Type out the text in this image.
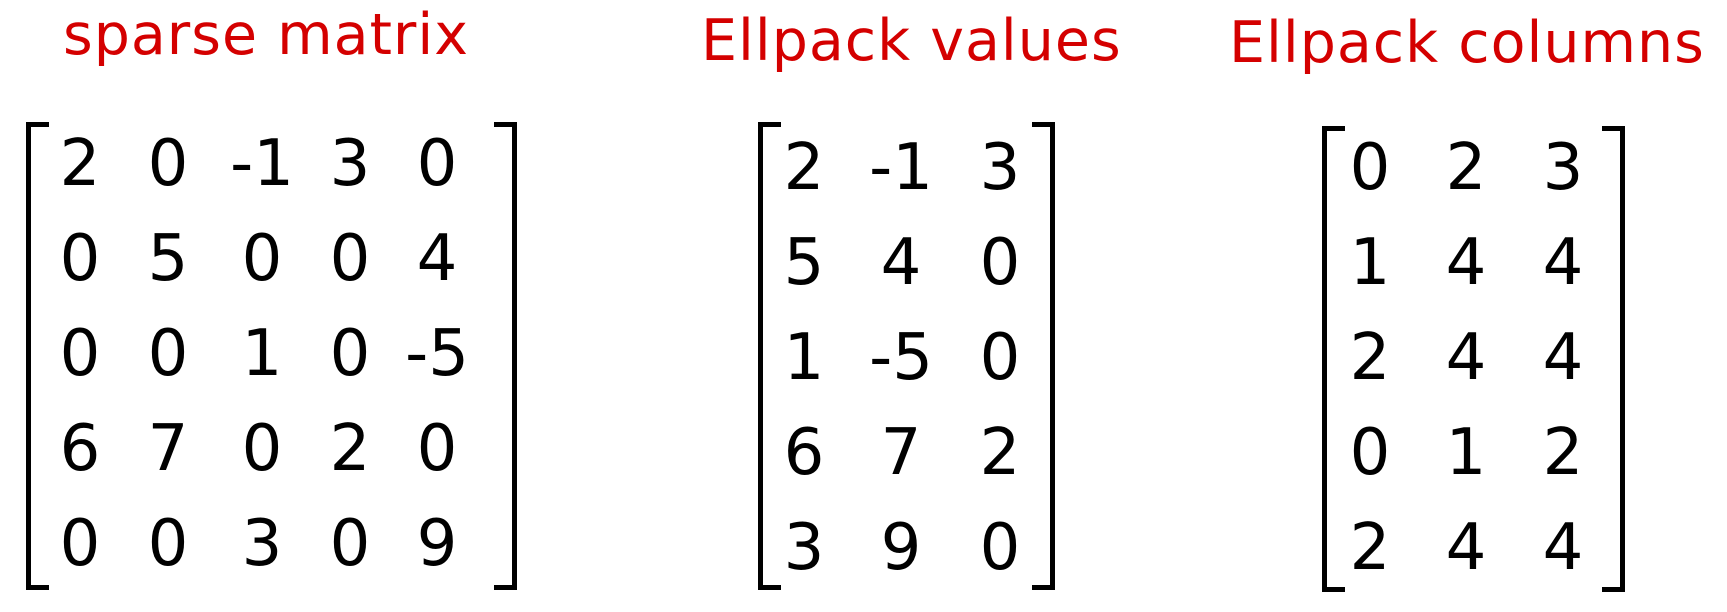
sparse matrix	Ellpack values Ellpack columns
2 0 -1 3 0
0 5 0 0 4
0 0 1 0 -5
6 7 0 2 0
0 0 3 0 9
2 -1 3
5 4 0
1 -5 0
6 7 2
3 9 0
0 2 3
1 4 4
2 4 4
0 1 2
2 4 4
